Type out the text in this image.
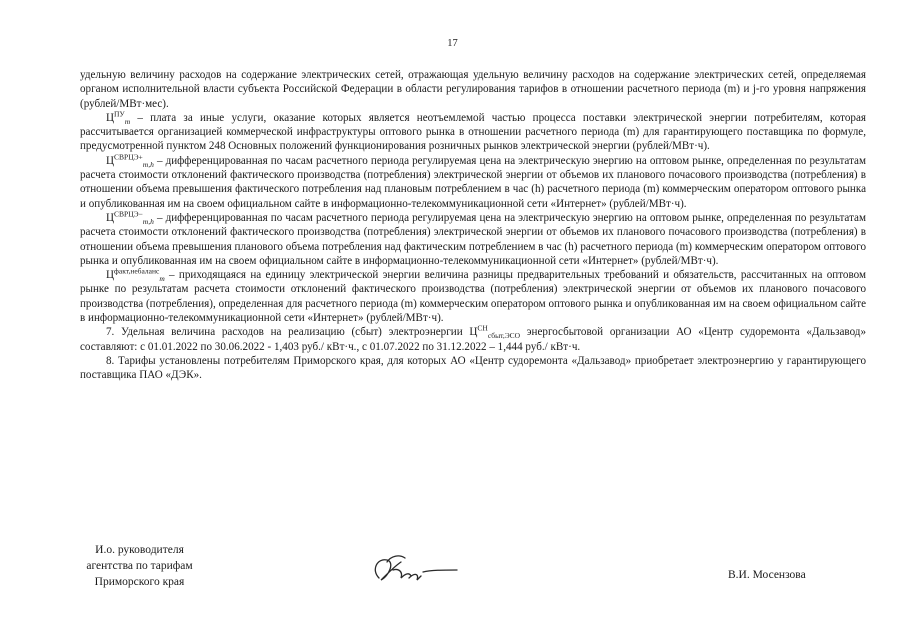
17

удельную величину расходов на содержание электрических сетей, отражающая удельную величину расходов на содержание электрических сетей, определяемая органом исполнительной власти субъекта Российской Федерации в области регулирования тарифов в отношении расчетного периода (m) и j-го уровня напряжения (рублей/МВт·мес).

$Ц^{ПУ}_m$ – плата за иные услуги, оказание которых является неотъемлемой частью процесса поставки электрической энергии потребителям, которая рассчитывается организацией коммерческой инфраструктуры оптового рынка в отношении расчетного периода (m) для гарантирующего поставщика по формуле, предусмотренной пунктом 248 Основных положений функционирования розничных рынков электрической энергии (рублей/МВт·ч).

$Ц^{СВРЦЭ+}_{m,h}$ – дифференцированная по часам расчетного периода регулируемая цена на электрическую энергию на оптовом рынке, определенная по результатам расчета стоимости отклонений фактического производства (потребления) электрической энергии от объемов их планового почасового производства (потребления) в отношении объема превышения фактического потребления над плановым потреблением в час (h) расчетного периода (m) коммерческим оператором оптового рынка и опубликованная им на своем официальном сайте в информационно-телекоммуникационной сети «Интернет» (рублей/МВт·ч).

$Ц^{СВРЦЭ-}_{m,h}$ – дифференцированная по часам расчетного периода регулируемая цена на электрическую энергию на оптовом рынке, определенная по результатам расчета стоимости отклонений фактического производства (потребления) электрической энергии от объемов их планового почасового производства (потребления) в отношении объема превышения планового объема потребления над фактическим потреблением в час (h) расчетного периода (m) коммерческим оператором оптового рынка и опубликованная им на своем официальном сайте в информационно-телекоммуникационной сети «Интернет» (рублей/МВт·ч).

$Ц^{факт,небаланс}_m$ – приходящаяся на единицу электрической энергии величина разницы предварительных требований и обязательств, рассчитанных на оптовом рынке по результатам расчета стоимости отклонений фактического производства (потребления) электрической энергии от объемов их планового почасового производства (потребления), определенная для расчетного периода (m) коммерческим оператором оптового рынка и опубликованная им на своем официальном сайте в информационно-телекоммуникационной сети «Интернет» (рублей/МВт·ч).

7. Удельная величина расходов на реализацию (сбыт) электроэнергии $Ц^{СН}_{сбыт,ЭСО}$ энергосбытовой организации АО «Центр судоремонта «Дальзавод» составляют: с 01.01.2022 по 30.06.2022 - 1,403 руб./ кВт·ч., с 01.07.2022 по 31.12.2022 – 1,444 руб./ кВт·ч.

8. Тарифы установлены потребителям Приморского края, для которых АО «Центр судоремонта «Дальзавод» приобретает электроэнергию у гарантирующего поставщика ПАО «ДЭК».

И.о. руководителя
агентства по тарифам
Приморского края
В.И. Мосензова
